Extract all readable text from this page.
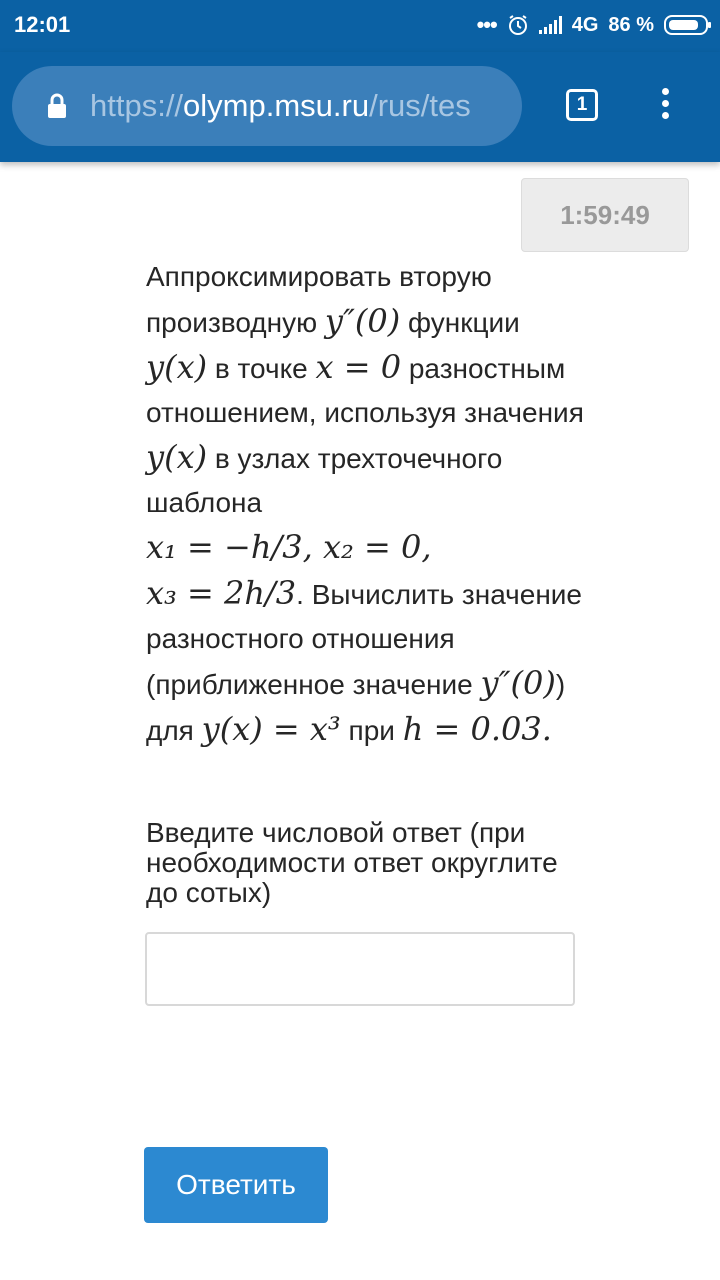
12:01	•••	4G 86 %
https://olymp.msu.ru/rus/tes	1
1:59:49
Аппроксимировать вторую производную y″(0) функции y(x) в точке x = 0 разностным отношением, используя значения y(x) в узлах трехточечного шаблона
x₁ = −h/3, x₂ = 0,
x₃ = 2h/3. Вычислить значение разностного отношения (приближенное значение y″(0)) для y(x) = x³ при h = 0.03.
Введите числовой ответ (при необходимости ответ округлите до сотых)
Ответить
